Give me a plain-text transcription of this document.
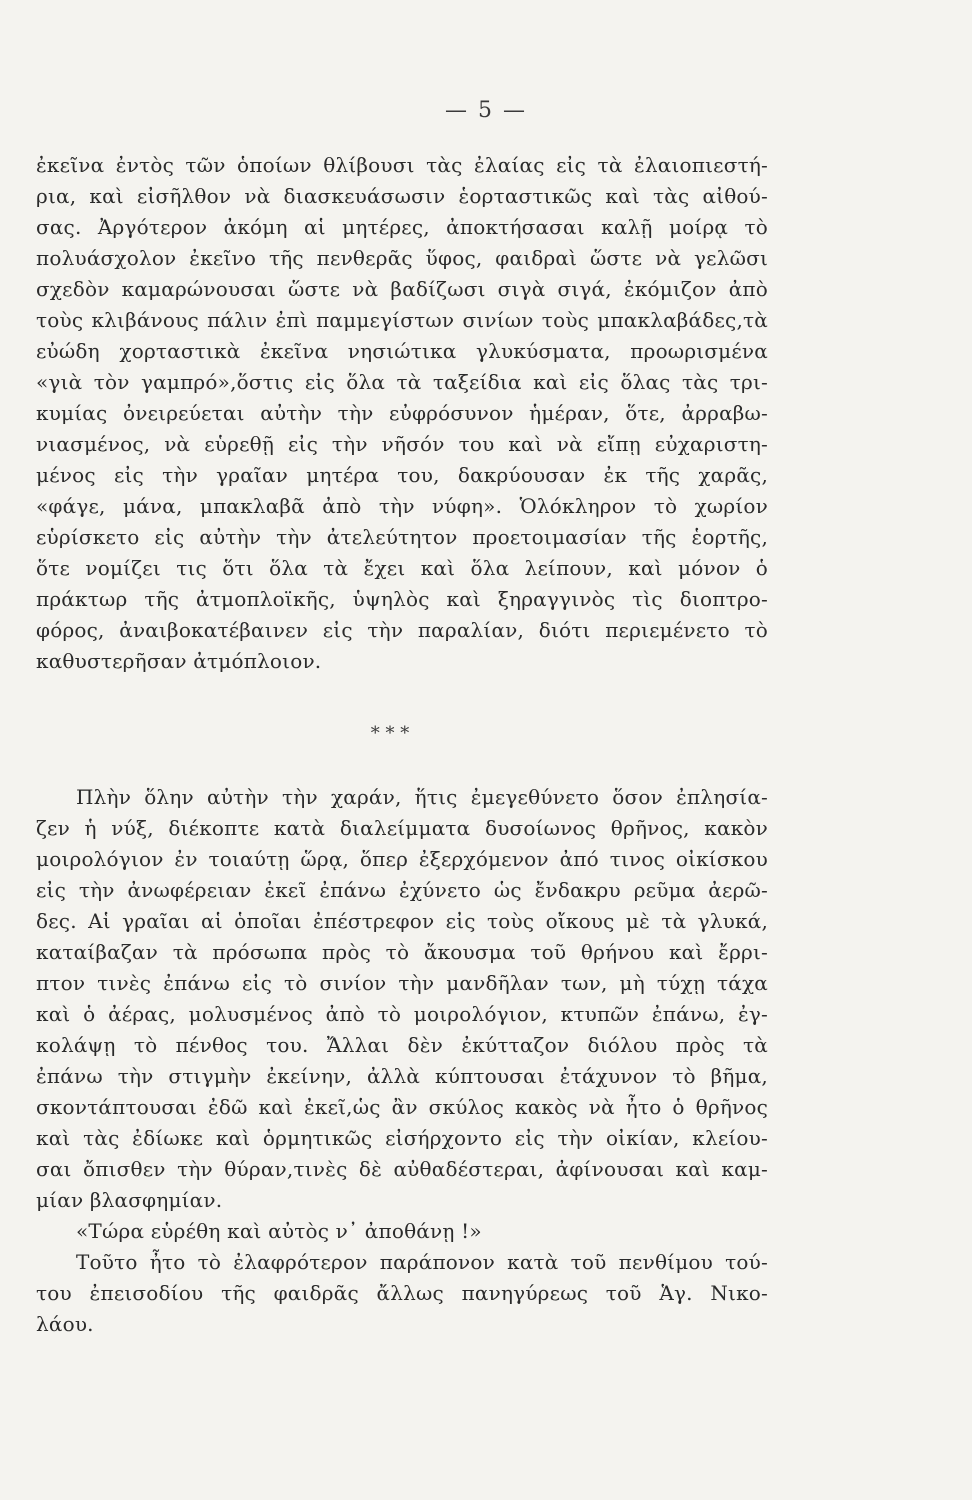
— 5 —
ἐκεῖνα ἐντὸς τῶν ὁποίων θλίβουσι τὰς ἐλαίας εἰς τὰ ἐλαιοπιεστή-
ρια, καὶ εἰσῆλθον νὰ διασκευάσωσιν ἑορταστικῶς καὶ τὰς αἰθού-
σας. Ἀργότερον ἀκόμη αἱ μητέρες, ἀποκτήσασαι καλῇ μοίρᾳ τὸ
πολυάσχολον ἐκεῖνο τῆς πενθερᾶς ὕφος, φαιδραὶ ὥστε νὰ γελῶσι
σχεδὸν καμαρώνουσαι ὥστε νὰ βαδίζωσι σιγὰ σιγά, ἐκόμιζον ἀπὸ
τοὺς κλιβάνους πάλιν ἐπὶ παμμεγίστων σινίων τοὺς μπακλαβάδες,τὰ
εὐώδη χορταστικὰ ἐκεῖνα νησιώτικα γλυκύσματα, προωρισμένα
«γιὰ τὸν γαμπρό»,ὅστις εἰς ὅλα τὰ ταξείδια καὶ εἰς ὅλας τὰς τρι-
κυμίας ὀνειρεύεται αὐτὴν τὴν εὐφρόσυνον ἡμέραν, ὅτε, ἀρραβω-
νιασμένος, νὰ εὑρεθῇ εἰς τὴν νῆσόν του καὶ νὰ εἴπῃ εὐχαριστη-
μένος εἰς τὴν γραῖαν μητέρα του, δακρύουσαν ἐκ τῆς χαρᾶς,
«φάγε, μάνα, μπακλαβᾶ ἀπὸ τὴν νύφη». Ὁλόκληρον τὸ χωρίον
εὑρίσκετο εἰς αὐτὴν τὴν ἀτελεύτητον προετοιμασίαν τῆς ἑορτῆς,
ὅτε νομίζει τις ὅτι ὅλα τὰ ἔχει καὶ ὅλα λείπουν, καὶ μόνον ὁ
πράκτωρ τῆς ἀτμοπλοϊκῆς, ὑψηλὸς καὶ ξηραγγινὸς τὶς διοπτρο-
φόρος, ἀναιβοκατέβαινεν εἰς τὴν παραλίαν, διότι περιεμένετο τὸ
καθυστερῆσαν ἀτμόπλοιον.
* * *
Πλὴν ὅλην αὐτὴν τὴν χαράν, ἥτις ἐμεγεθύνετο ὅσον ἐπλησία-
ζεν ἡ νύξ, διέκοπτε κατὰ διαλείμματα δυσοίωνος θρῆνος, κακὸν
μοιρολόγιον ἐν τοιαύτῃ ὥρᾳ, ὅπερ ἐξερχόμενον ἀπό τινος οἰκίσκου
εἰς τὴν ἀνωφέρειαν ἐκεῖ ἐπάνω ἐχύνετο ὡς ἔνδακρυ ρεῦμα ἀερῶ-
δες. Αἱ γραῖαι αἱ ὁποῖαι ἐπέστρεφον εἰς τοὺς οἴκους μὲ τὰ γλυκά,
καταίβαζαν τὰ πρόσωπα πρὸς τὸ ἄκουσμα τοῦ θρήνου καὶ ἔρρι-
πτον τινὲς ἐπάνω εἰς τὸ σινίον τὴν μανδῆλαν των, μὴ τύχῃ τάχα
καὶ ὁ ἀέρας, μολυσμένος ἀπὸ τὸ μοιρολόγιον, κτυπῶν ἐπάνω, ἐγ-
κολάψῃ τὸ πένθος του. Ἄλλαι δὲν ἐκύτταζον διόλου πρὸς τὰ
ἐπάνω τὴν στιγμὴν ἐκείνην, ἀλλὰ κύπτουσαι ἐτάχυνον τὸ βῆμα,
σκοντάπτουσαι ἐδῶ καὶ ἐκεῖ,ὡς ἂν σκύλος κακὸς νὰ ἦτο ὁ θρῆνος
καὶ τὰς ἐδίωκε καὶ ὁρμητικῶς εἰσήρχοντο εἰς τὴν οἰκίαν, κλείου-
σαι ὄπισθεν τὴν θύραν,τινὲς δὲ αὐθαδέστεραι, ἀφίνουσαι καὶ καμ-
μίαν βλασφημίαν.
«Τώρα εὑρέθη καὶ αὐτὸς ν᾽ ἀποθάνῃ !»
Τοῦτο ἦτο τὸ ἐλαφρότερον παράπονον κατὰ τοῦ πενθίμου τού-
του ἐπεισοδίου τῆς φαιδρᾶς ἄλλως πανηγύρεως τοῦ Ἁγ. Νικο-
λάου.
